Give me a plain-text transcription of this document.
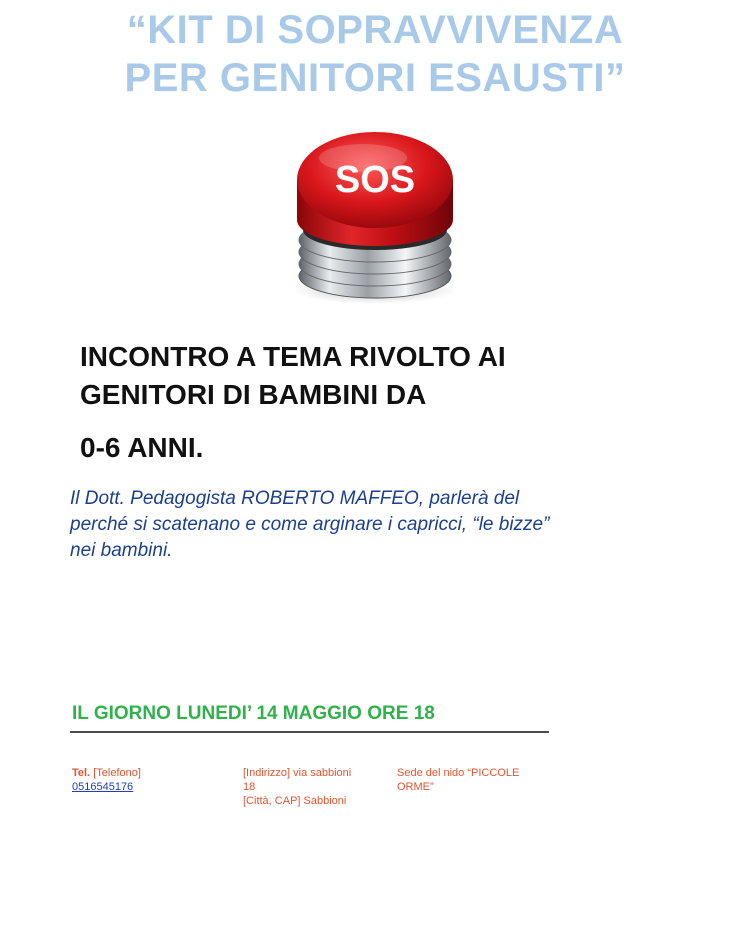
“KIT DI SOPRAVVIVENZA
PER GENITORI ESAUSTI”
SOS
INCONTRO A TEMA RIVOLTO AI
GENITORI DI BAMBINI DA
0-6 ANNI.
Il Dott. Pedagogista ROBERTO MAFFEO, parlerà del
perché si scatenano e come arginare i capricci, “le bizze”
nei bambini.
IL GIORNO LUNEDI’ 14 MAGGIO ORE 18
Tel. [Telefono]
0516545176
[Indirizzo] via sabbioni
18
[Città, CAP] Sabbioni
Sede del nido “PICCOLE
ORME”
